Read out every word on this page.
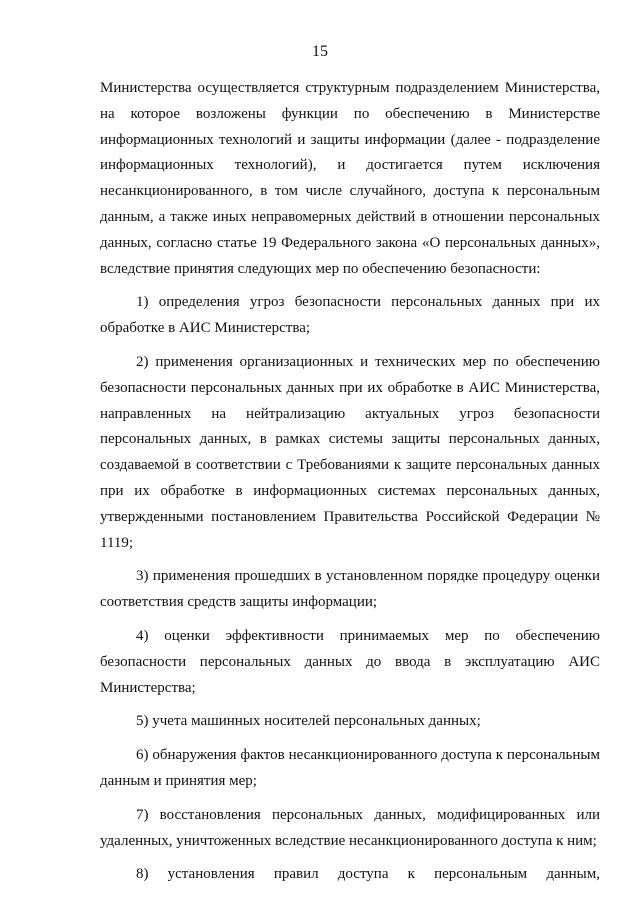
15

Министерства осуществляется структурным подразделением Министерства, на которое возложены функции по обеспечению в Министерстве информационных технологий и защиты информации (далее - подразделение информационных технологий), и достигается путем исключения несанкционированного, в том числе случайного, доступа к персональным данным, а также иных неправомерных действий в отношении персональных данных, согласно статье 19 Федерального закона «О персональных данных», вследствие принятия следующих мер по обеспечению безопасности:

1) определения угроз безопасности персональных данных при их обработке в АИС Министерства;

2) применения организационных и технических мер по обеспечению безопасности персональных данных при их обработке в АИС Министерства, направленных на нейтрализацию актуальных угроз безопасности персональных данных, в рамках системы защиты персональных данных, создаваемой в соответствии с Требованиями к защите персональных данных при их обработке в информационных системах персональных данных, утвержденными постановлением Правительства Российской Федерации № 1119;

3) применения прошедших в установленном порядке процедуру оценки соответствия средств защиты информации;

4) оценки эффективности принимаемых мер по обеспечению безопасности персональных данных до ввода в эксплуатацию АИС Министерства;

5) учета машинных носителей персональных данных;

6) обнаружения фактов несанкционированного доступа к персональным данным и принятия мер;

7) восстановления персональных данных, модифицированных или удаленных, уничтоженных вследствие несанкционированного доступа к ним;

8) установления правил доступа к персональным данным,
